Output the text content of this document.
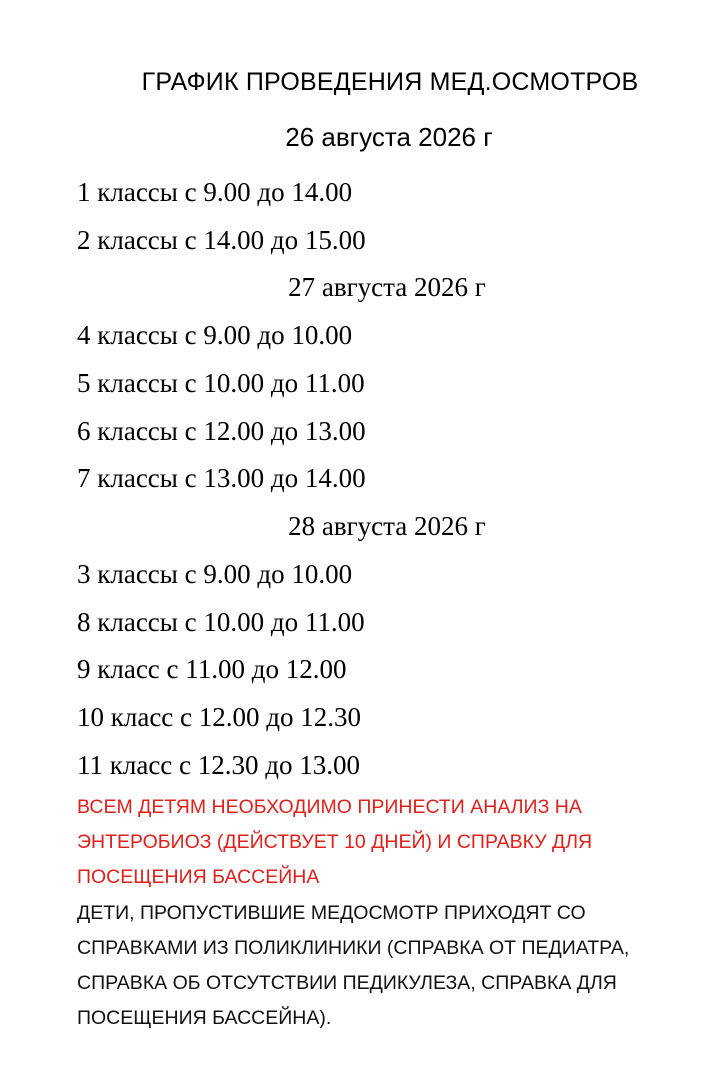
ГРАФИК ПРОВЕДЕНИЯ МЕД.ОСМОТРОВ
26 августа 2026 г

1 классы с 9.00 до 14.00

2 классы с 14.00 до 15.00

27 августа 2026 г

4 классы с 9.00 до 10.00

5 классы с 10.00 до 11.00

6 классы с 12.00 до 13.00

7 классы с 13.00 до 14.00

28 августа 2026 г

3 классы с 9.00 до 10.00

8 классы с 10.00 до 11.00

9 класс с 11.00 до 12.00

10 класс с 12.00 до 12.30

11 класс с 12.30 до 13.00

ВСЕМ ДЕТЯМ НЕОБХОДИМО ПРИНЕСТИ АНАЛИЗ НА
ЭНТЕРОБИОЗ (ДЕЙСТВУЕТ 10 ДНЕЙ) И СПРАВКУ ДЛЯ
ПОСЕЩЕНИЯ БАССЕЙНА
ДЕТИ, ПРОПУСТИВШИЕ МЕДОСМОТР ПРИХОДЯТ СО
СПРАВКАМИ ИЗ ПОЛИКЛИНИКИ (СПРАВКА ОТ ПЕДИАТРА,
СПРАВКА ОБ ОТСУТСТВИИ ПЕДИКУЛЕЗА, СПРАВКА ДЛЯ
ПОСЕЩЕНИЯ БАССЕЙНА).
